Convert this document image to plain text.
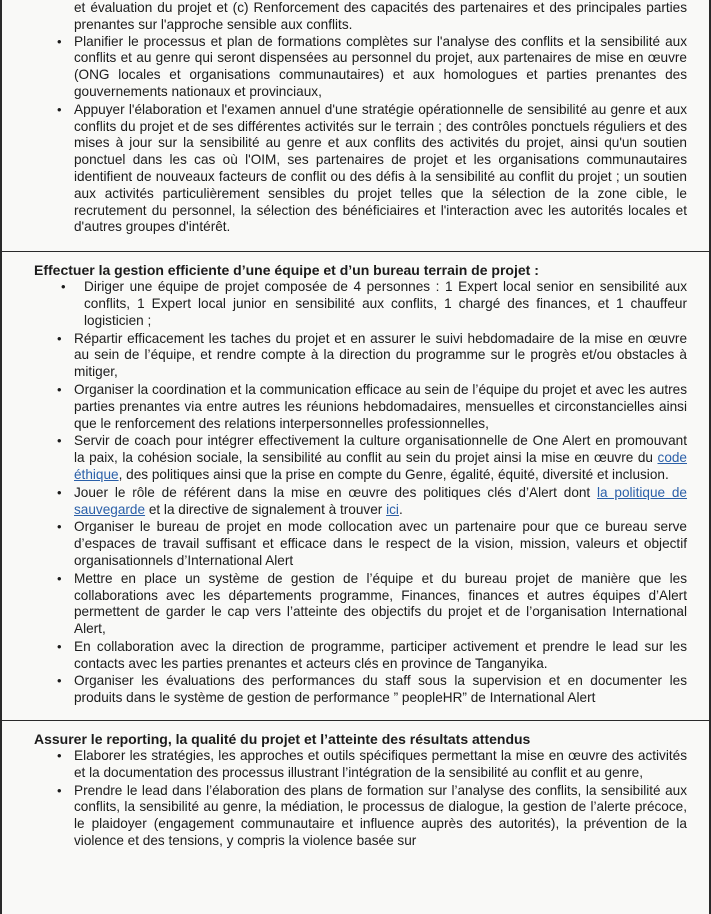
et évaluation du projet et (c) Renforcement des capacités des partenaires et des principales parties prenantes sur l'approche sensible aux conflits.
• Planifier le processus et plan de formations complètes sur l'analyse des conflits et la sensibilité aux conflits et au genre qui seront dispensées au personnel du projet, aux partenaires de mise en œuvre (ONG locales et organisations communautaires) et aux homologues et parties prenantes des gouvernements nationaux et provinciaux,
• Appuyer l'élaboration et l'examen annuel d'une stratégie opérationnelle de sensibilité au genre et aux conflits du projet et de ses différentes activités sur le terrain ; des contrôles ponctuels réguliers et des mises à jour sur la sensibilité au genre et aux conflits des activités du projet, ainsi qu'un soutien ponctuel dans les cas où l'OIM, ses partenaires de projet et les organisations communautaires identifient de nouveaux facteurs de conflit ou des défis à la sensibilité au conflit du projet ; un soutien aux activités particulièrement sensibles du projet telles que la sélection de la zone cible, le recrutement du personnel, la sélection des bénéficiaires et l'interaction avec les autorités locales et d'autres groupes d'intérêt.
Effectuer la gestion efficiente d’une équipe et d’un bureau terrain de projet :
• Diriger une équipe de projet composée de 4 personnes : 1 Expert local senior en sensibilité aux conflits, 1 Expert local junior en sensibilité aux conflits, 1 chargé des finances, et 1 chauffeur logisticien ;
• Répartir efficacement les taches du projet et en assurer le suivi hebdomadaire de la mise en œuvre au sein de l’équipe, et rendre compte à la direction du programme sur le progrès et/ou obstacles à mitiger,
• Organiser la coordination et la communication efficace au sein de l’équipe du projet et avec les autres parties prenantes via entre autres les réunions hebdomadaires, mensuelles et circonstancielles ainsi que le renforcement des relations interpersonnelles professionnelles,
• Servir de coach pour intégrer effectivement la culture organisationnelle de One Alert en promouvant la paix, la cohésion sociale, la sensibilité au conflit au sein du projet ainsi la mise en œuvre du code éthique, des politiques ainsi que la prise en compte du Genre, égalité, équité, diversité et inclusion.
• Jouer le rôle de référent dans la mise en œuvre des politiques clés d’Alert dont la politique de sauvegarde et la directive de signalement à trouver ici.
• Organiser le bureau de projet en mode collocation avec un partenaire pour que ce bureau serve d’espaces de travail suffisant et efficace dans le respect de la vision, mission, valeurs et objectif organisationnels d’International Alert
• Mettre en place un système de gestion de l’équipe et du bureau projet de manière que les collaborations avec les départements programme, Finances, finances et autres équipes d’Alert permettent de garder le cap vers l’atteinte des objectifs du projet et de l’organisation International Alert,
• En collaboration avec la direction de programme, participer activement et prendre le lead sur les contacts avec les parties prenantes et acteurs clés en province de Tanganyika.
• Organiser les évaluations des performances du staff sous la supervision et en documenter les produits dans le système de gestion de performance ” peopleHR” de International Alert
Assurer le reporting, la qualité du projet et l’atteinte des résultats attendus
• Elaborer les stratégies, les approches et outils spécifiques permettant la mise en œuvre des activités et la documentation des processus illustrant l’intégration de la sensibilité au conflit et au genre,
• Prendre le lead dans l’élaboration des plans de formation sur l’analyse des conflits, la sensibilité aux conflits, la sensibilité au genre, la médiation, le processus de dialogue, la gestion de l’alerte précoce, le plaidoyer (engagement communautaire et influence auprès des autorités), la prévention de la violence et des tensions, y compris la violence basée sur
